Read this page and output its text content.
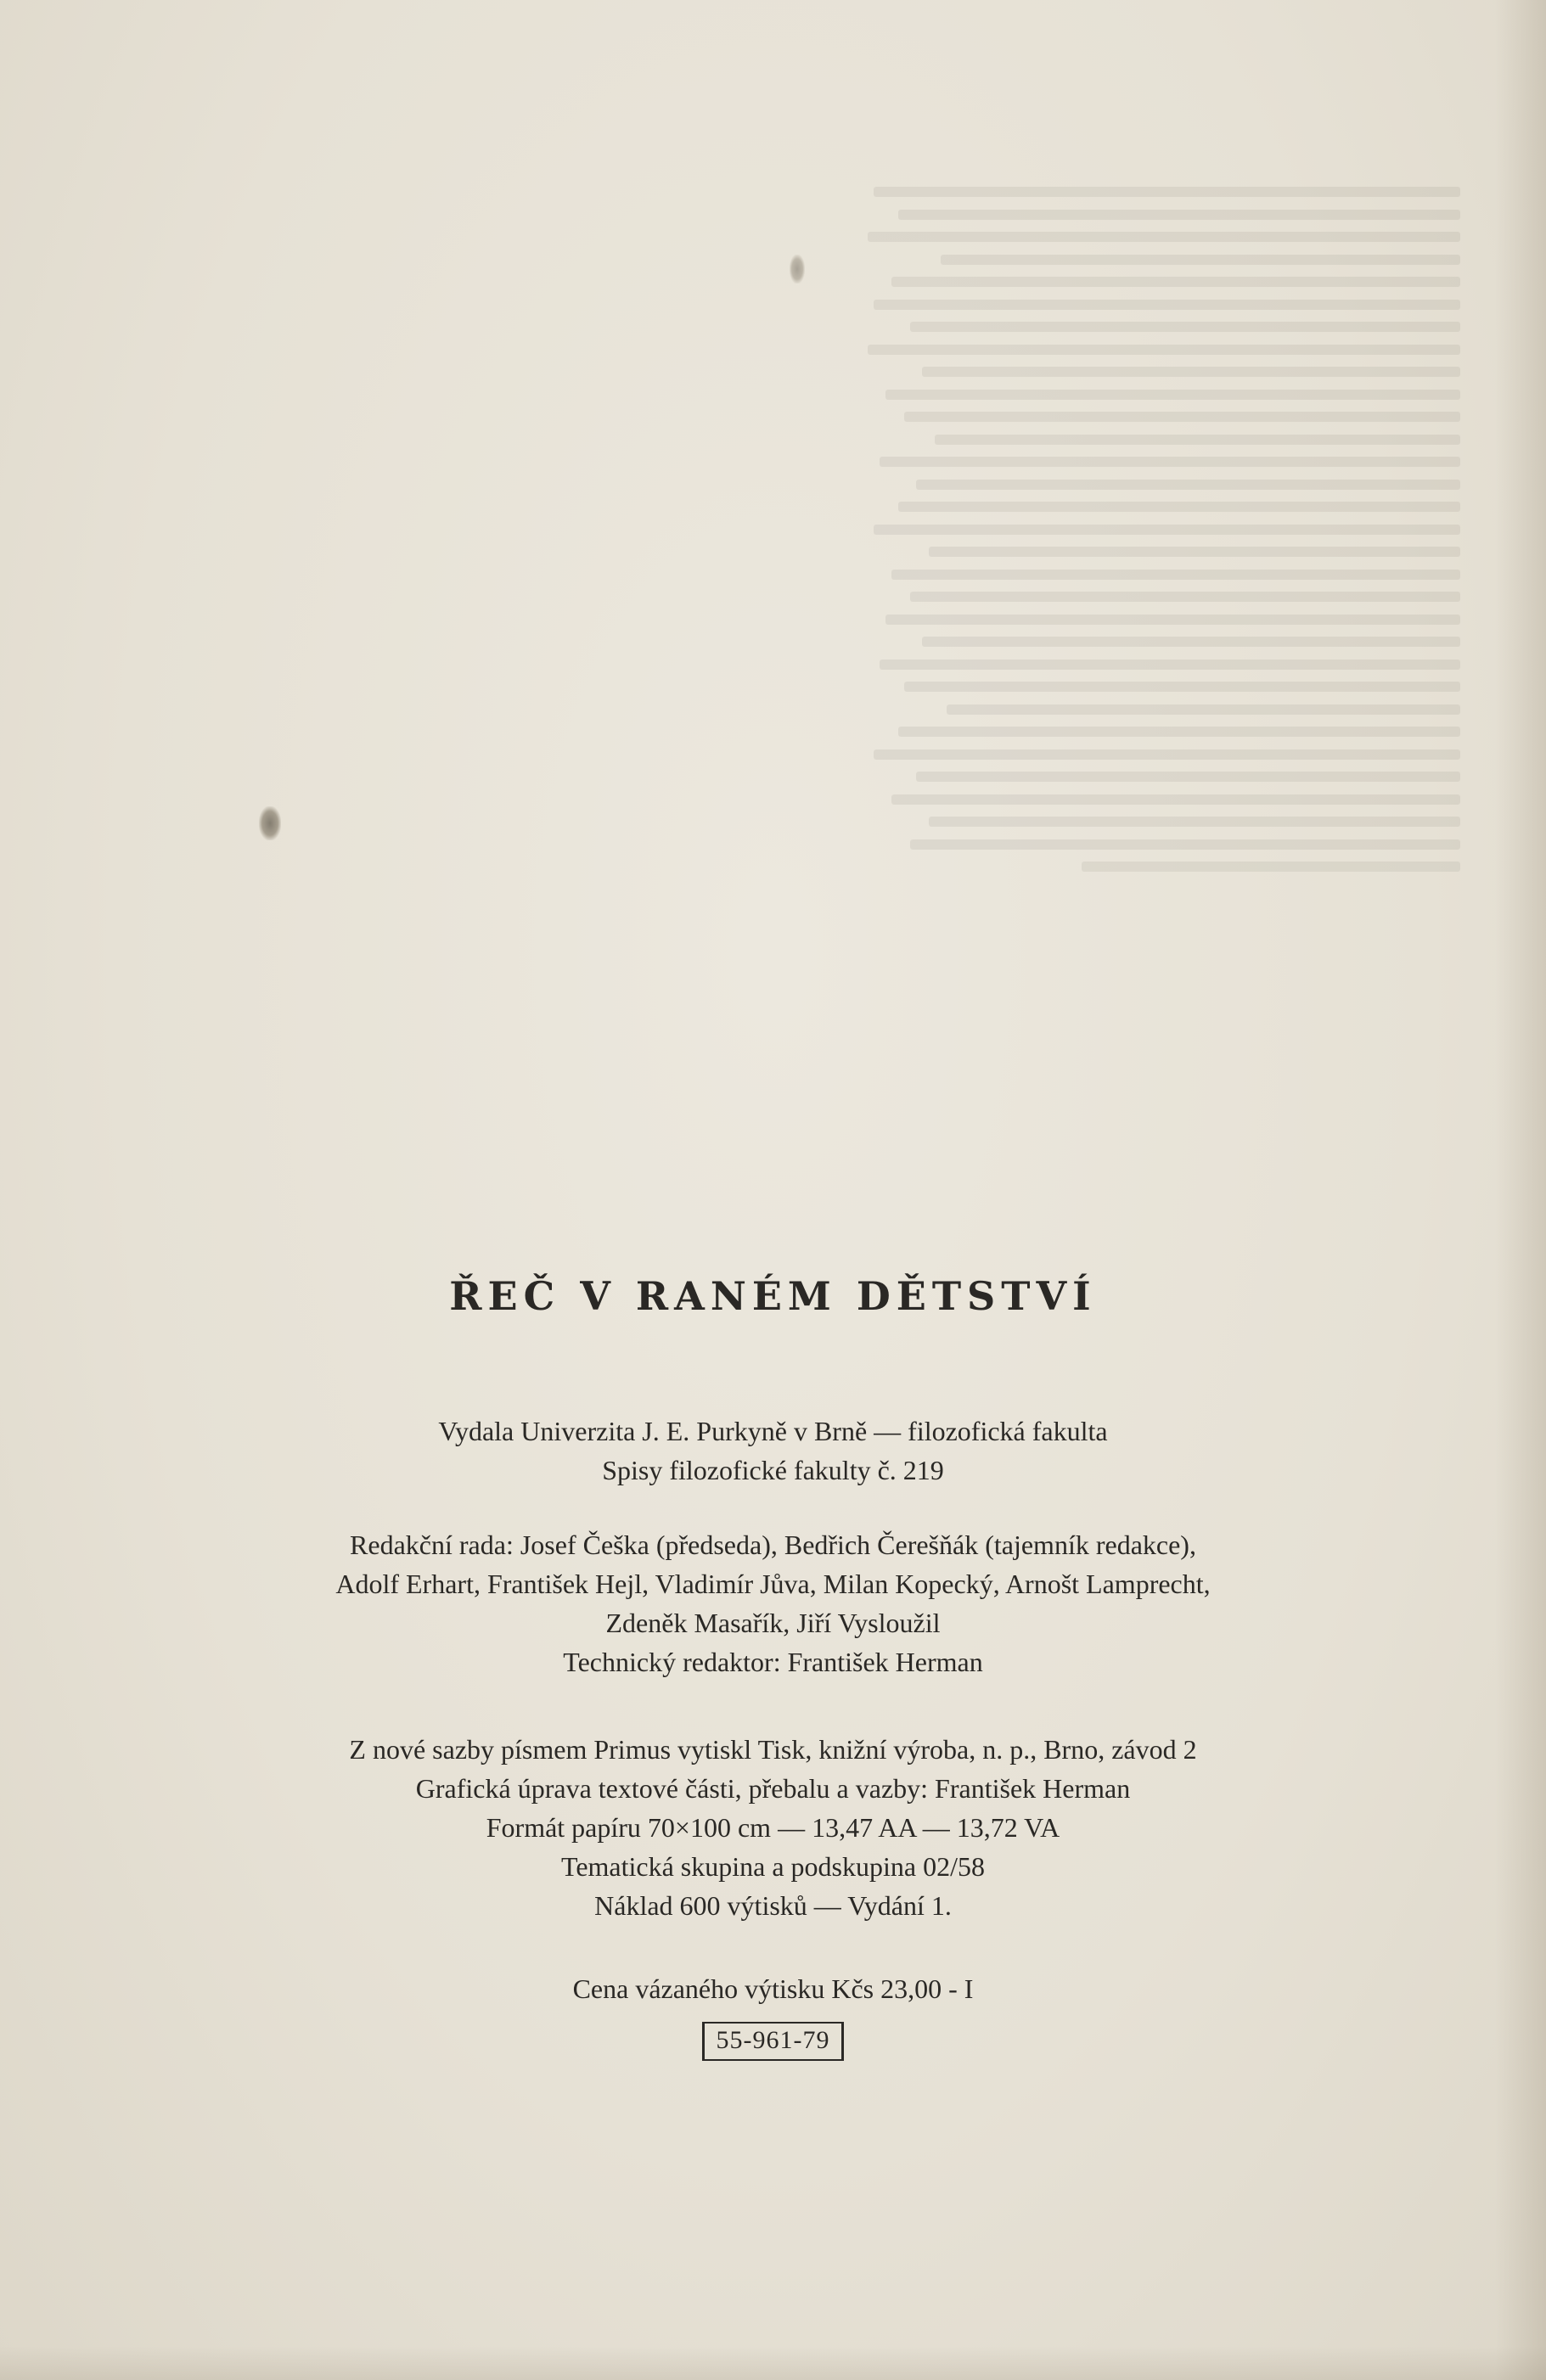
ŘEČ V RANÉM DĚTSTVÍ

Vydala Univerzita J. E. Purkyně v Brně — filozofická fakulta

Spisy filozofické fakulty č. 219

Redakční rada: Josef Češka (předseda), Bedřich Čerešňák (tajemník redakce),

Adolf Erhart, František Hejl, Vladimír Jůva, Milan Kopecký, Arnošt Lamprecht,

Zdeněk Masařík, Jiří Vysloužil

Technický redaktor: František Herman

Z nové sazby písmem Primus vytiskl Tisk, knižní výroba, n. p., Brno, závod 2

Grafická úprava textové části, přebalu a vazby: František Herman

Formát papíru 70×100 cm — 13,47 AA — 13,72 VA

Tematická skupina a podskupina 02/58

Náklad 600 výtisků — Vydání 1.

Cena vázaného výtisku Kčs 23,00 - I

55-961-79
